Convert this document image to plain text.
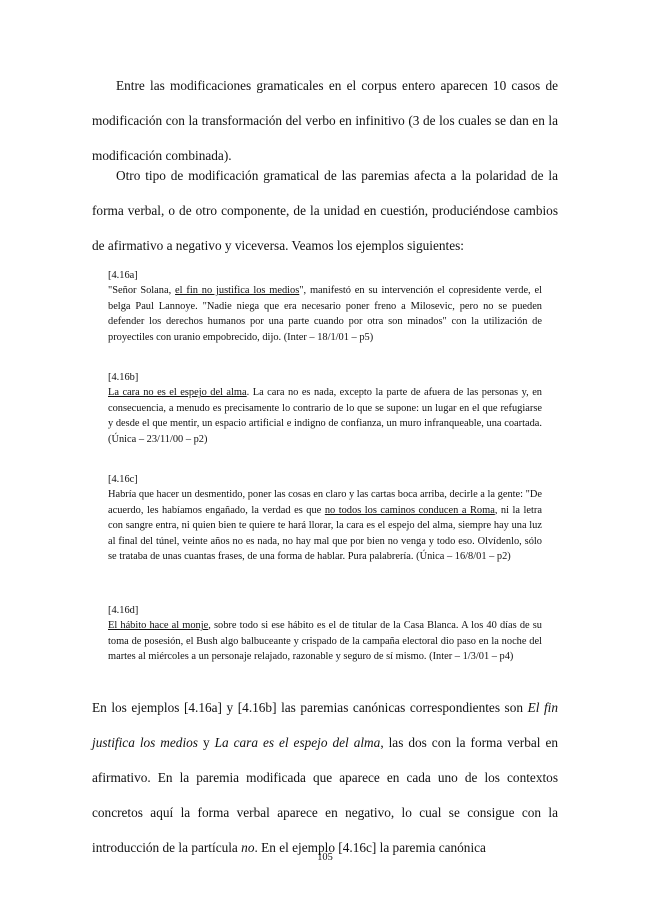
Entre las modificaciones gramaticales en el corpus entero aparecen 10 casos de modificación con la transformación del verbo en infinitivo (3 de los cuales se dan en la modificación combinada).

Otro tipo de modificación gramatical de las paremias afecta a la polaridad de la forma verbal, o de otro componente, de la unidad en cuestión, produciéndose cambios de afirmativo a negativo y viceversa. Veamos los ejemplos siguientes:

[4.16a]
"Señor Solana, el fin no justifica los medios", manifestó en su intervención el copresidente verde, el belga Paul Lannoye. "Nadie niega que era necesario poner freno a Milosevic, pero no se pueden defender los derechos humanos por una parte cuando por otra son minados" con la utilización de proyectiles con uranio empobrecido, dijo. (Inter – 18/1/01 – p5)

[4.16b]
La cara no es el espejo del alma. La cara no es nada, excepto la parte de afuera de las personas y, en consecuencia, a menudo es precisamente lo contrario de lo que se supone: un lugar en el que refugiarse y desde el que mentir, un espacio artificial e indigno de confianza, un muro infranqueable, una coartada. (Única – 23/11/00 – p2)

[4.16c]
Habría que hacer un desmentido, poner las cosas en claro y las cartas boca arriba, decirle a la gente: "De acuerdo, les habíamos engañado, la verdad es que no todos los caminos conducen a Roma, ni la letra con sangre entra, ni quien bien te quiere te hará llorar, la cara es el espejo del alma, siempre hay una luz al final del túnel, veinte años no es nada, no hay mal que por bien no venga y todo eso. Olvídenlo, sólo se trataba de unas cuantas frases, de una forma de hablar. Pura palabrería. (Única – 16/8/01 – p2)

[4.16d]
El hábito hace al monje, sobre todo si ese hábito es el de titular de la Casa Blanca. A los 40 días de su toma de posesión, el Bush algo balbuceante y crispado de la campaña electoral dio paso en la noche del martes al miércoles a un personaje relajado, razonable y seguro de sí mismo. (Inter – 1/3/01 – p4)

En los ejemplos [4.16a] y [4.16b] las paremias canónicas correspondientes son El fin justifica los medios y La cara es el espejo del alma, las dos con la forma verbal en afirmativo. En la paremia modificada que aparece en cada uno de los contextos concretos aquí la forma verbal aparece en negativo, lo cual se consigue con la introducción de la partícula no. En el ejemplo [4.16c] la paremia canónica

105
